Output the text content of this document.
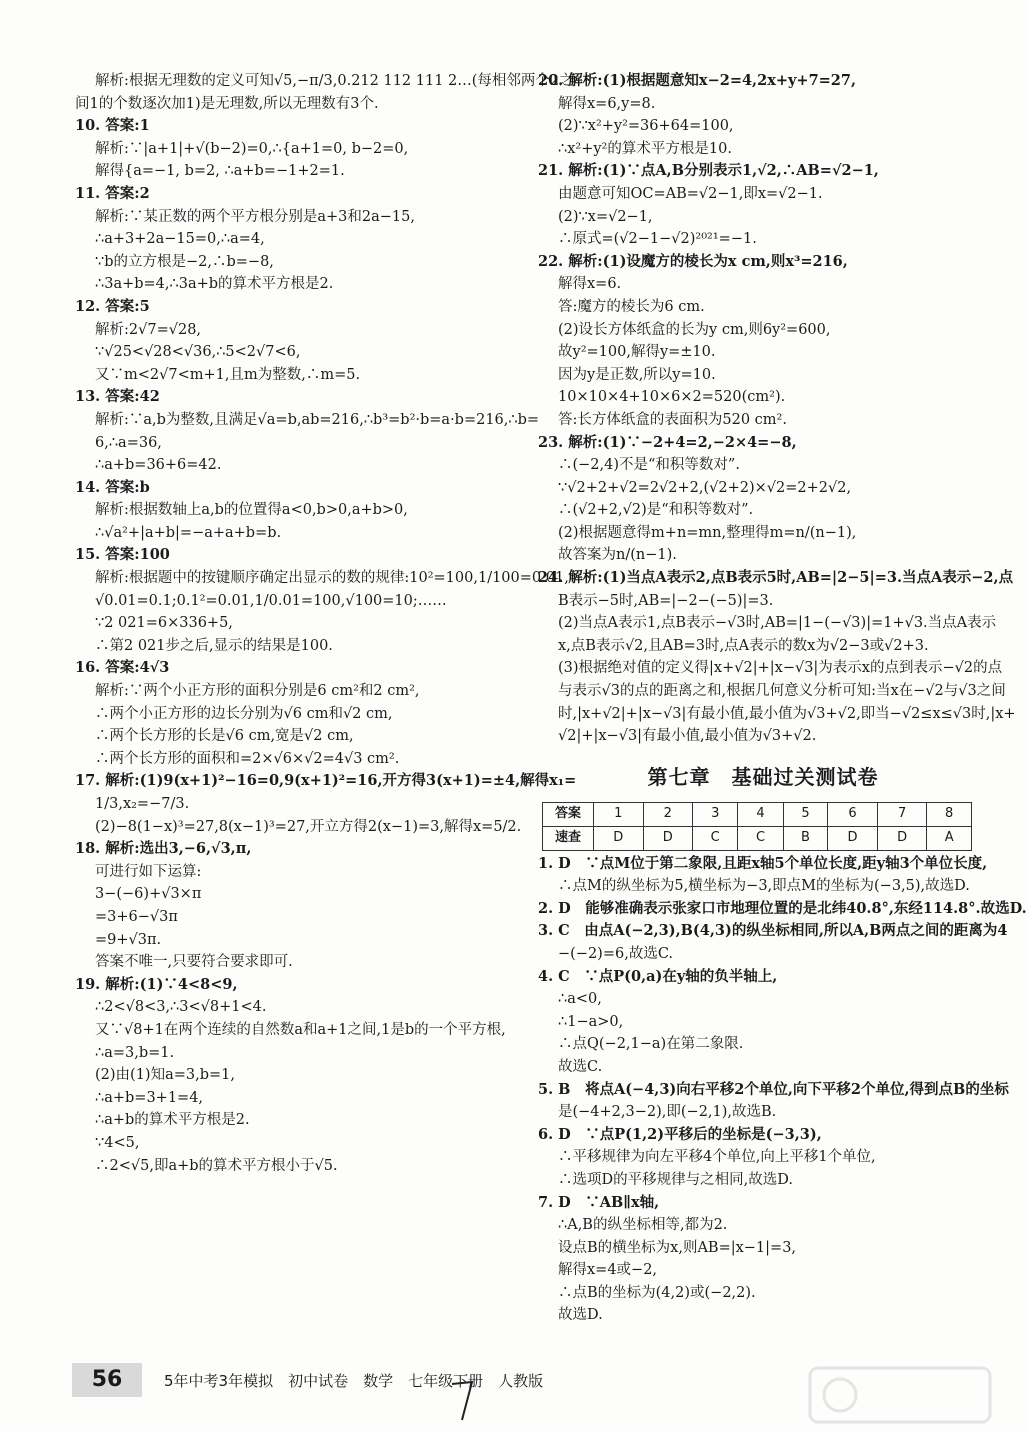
解析:根据无理数的定义可知√5,−π/3,0.212 112 111 2…(每相邻两个2之
间1的个数逐次加1)是无理数,所以无理数有3个.
10. 答案:1
解析:∵|a+1|+√(b−2)=0,∴{a+1=0, b−2=0,
解得{a=−1, b=2, ∴a+b=−1+2=1.
11. 答案:2
解析:∵某正数的两个平方根分别是a+3和2a−15,
∴a+3+2a−15=0,∴a=4,
∵b的立方根是−2,∴b=−8,
∴3a+b=4,∴3a+b的算术平方根是2.
12. 答案:5
解析:2√7=√28,
∵√25<√28<√36,∴5<2√7<6,
又∵m<2√7<m+1,且m为整数,∴m=5.
13. 答案:42
解析:∵a,b为整数,且满足√a=b,ab=216,∴b³=b²·b=a·b=216,∴b=
6,∴a=36,
∴a+b=36+6=42.
14. 答案:b
解析:根据数轴上a,b的位置得a<0,b>0,a+b>0,
∴√a²+|a+b|=−a+a+b=b.
15. 答案:100
解析:根据题中的按键顺序确定出显示的数的规律:10²=100,1/100=0.01,
√0.01=0.1;0.1²=0.01,1/0.01=100,√100=10;……
∵2 021=6×336+5,
∴第2 021步之后,显示的结果是100.
16. 答案:4√3
解析:∵两个小正方形的面积分别是6 cm²和2 cm²,
∴两个小正方形的边长分别为√6 cm和√2 cm,
∴两个长方形的长是√6 cm,宽是√2 cm,
∴两个长方形的面积和=2×√6×√2=4√3 cm².
17. 解析:(1)9(x+1)²−16=0,9(x+1)²=16,开方得3(x+1)=±4,解得x₁=
1/3,x₂=−7/3.
(2)−8(1−x)³=27,8(x−1)³=27,开立方得2(x−1)=3,解得x=5/2.
18. 解析:选出3,−6,√3,π,
可进行如下运算:
3−(−6)+√3×π
=3+6−√3π
=9+√3π.
答案不唯一,只要符合要求即可.
19. 解析:(1)∵4<8<9,
∴2<√8<3,∴3<√8+1<4.
又∵√8+1在两个连续的自然数a和a+1之间,1是b的一个平方根,
∴a=3,b=1.
(2)由(1)知a=3,b=1,
∴a+b=3+1=4,
∴a+b的算术平方根是2.
∵4<5,
∴2<√5,即a+b的算术平方根小于√5.
20. 解析:(1)根据题意知x−2=4,2x+y+7=27,
解得x=6,y=8.
(2)∵x²+y²=36+64=100,
∴x²+y²的算术平方根是10.
21. 解析:(1)∵点A,B分别表示1,√2,∴AB=√2−1,
由题意可知OC=AB=√2−1,即x=√2−1.
(2)∵x=√2−1,
∴原式=(√2−1−√2)²⁰²¹=−1.
22. 解析:(1)设魔方的棱长为x cm,则x³=216,
解得x=6.
答:魔方的棱长为6 cm.
(2)设长方体纸盒的长为y cm,则6y²=600,
故y²=100,解得y=±10.
因为y是正数,所以y=10.
10×10×4+10×6×2=520(cm²).
答:长方体纸盒的表面积为520 cm².
23. 解析:(1)∵−2+4=2,−2×4=−8,
∴(−2,4)不是“和积等数对”.
∵√2+2+√2=2√2+2,(√2+2)×√2=2+2√2,
∴(√2+2,√2)是“和积等数对”.
(2)根据题意得m+n=mn,整理得m=n/(n−1),
故答案为n/(n−1).
24. 解析:(1)当点A表示2,点B表示5时,AB=|2−5|=3.当点A表示−2,点
B表示−5时,AB=|−2−(−5)|=3.
(2)当点A表示1,点B表示−√3时,AB=|1−(−√3)|=1+√3.当点A表示
x,点B表示√2,且AB=3时,点A表示的数x为√2−3或√2+3.
(3)根据绝对值的定义得|x+√2|+|x−√3|为表示x的点到表示−√2的点
与表示√3的点的距离之和,根据几何意义分析可知:当x在−√2与√3之间
时,|x+√2|+|x−√3|有最小值,最小值为√3+√2,即当−√2≤x≤√3时,|x+
√2|+|x−√3|有最小值,最小值为√3+√2.
第七章　基础过关测试卷
答案	1	2	3	4	5	6	7	8
速查	D	D	C	C	B	D	D	A
1. D　∵点M位于第二象限,且距x轴5个单位长度,距y轴3个单位长度,
∴点M的纵坐标为5,横坐标为−3,即点M的坐标为(−3,5),故选D.
2. D　能够准确表示张家口市地理位置的是北纬40.8°,东经114.8°.故选D.
3. C　由点A(−2,3),B(4,3)的纵坐标相同,所以A,B两点之间的距离为4
−(−2)=6,故选C.
4. C　∵点P(0,a)在y轴的负半轴上,
∴a<0,
∴1−a>0,
∴点Q(−2,1−a)在第二象限.
故选C.
5. B　将点A(−4,3)向右平移2个单位,向下平移2个单位,得到点B的坐标
是(−4+2,3−2),即(−2,1),故选B.
6. D　∵点P(1,2)平移后的坐标是(−3,3),
∴平移规律为向左平移4个单位,向上平移1个单位,
∴选项D的平移规律与之相同,故选D.
7. D　∵AB∥x轴,
∴A,B的纵坐标相等,都为2.
设点B的横坐标为x,则AB=|x−1|=3,
解得x=4或−2,
∴点B的坐标为(4,2)或(−2,2).
故选D.
56	5年中考3年模拟　初中试卷　数学　七年级下册　人教版
